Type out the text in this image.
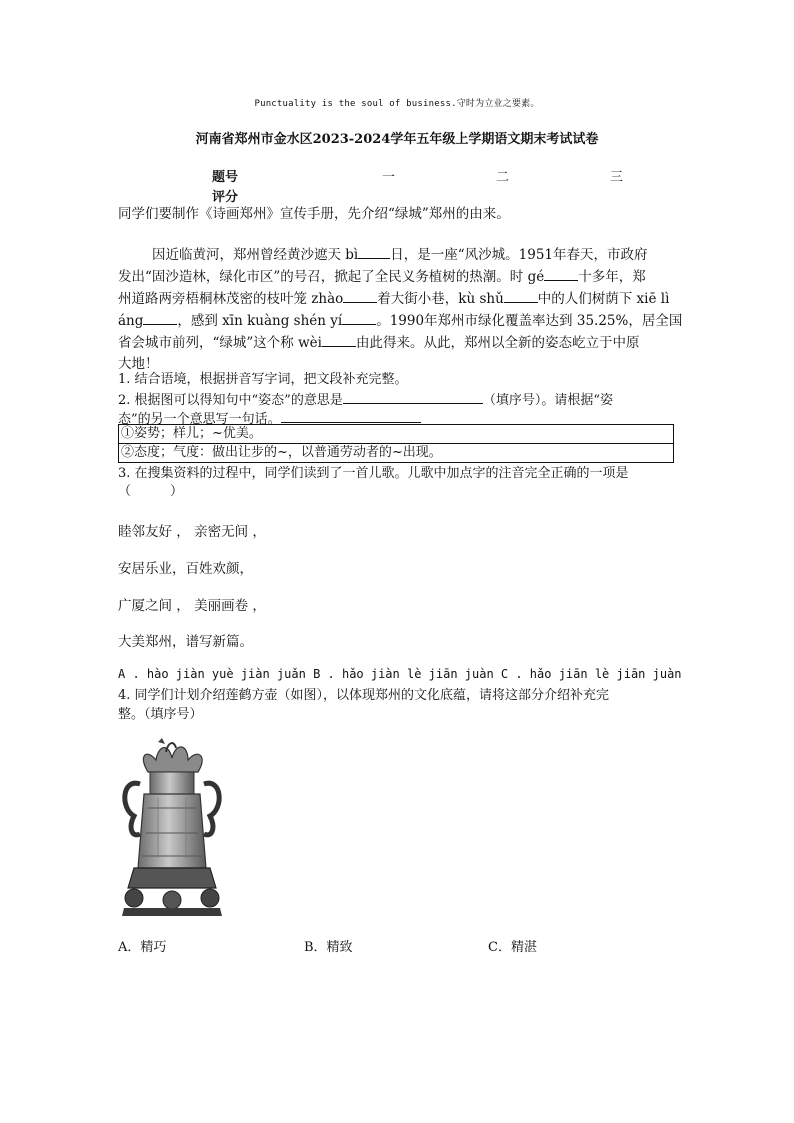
Punctuality is the soul of business.守时为立业之要素。
河南省郑州市金水区2023-2024学年五年级上学期语文期末考试试卷
题号	一	二	三
评分
同学们要制作《诗画郑州》宣传手册，先介绍“绿城”郑州的由来。
因近临黄河，郑州曾经黄沙遮天 bì 日，是一座“风沙城。1951年春天，市政府
发出“固沙造林，绿化市区”的号召，掀起了全民义务植树的热潮。时 gé	十多年，郑
州道路两旁梧桐林茂密的枝叶笼 zhào	着大街小巷，kù shǔ	中的人们树荫下 xiē lì
áng	，感到 xīn kuàng shén yí	。1990年郑州市绿化覆盖率达到 35.25%，居全国
省会城市前列，“绿城”这个称 wèi	由此得来。从此，郑州以全新的姿态屹立于中原
大地！
1. 结合语境，根据拼音写字词，把文段补充完整。
2. 根据图可以得知句中“姿态”的意思是	（填序号）。请根据“姿
态”的另一个意思写一句话。
①姿势；样儿；~优美。
②态度；气度：做出让步的~，以普通劳动者的~出现。
3. 在搜集资料的过程中，同学们读到了一首儿歌。儿歌中加点字的注音完全正确的一项是
（　　　）
睦邻友好 ， 亲密无间 ，
安居乐业，百姓欢颜，
广厦之间 ， 美丽画卷 ，
大美郑州，谱写新篇。
A . hào jiàn yuè jiàn juǎn B . hǎo jiàn lè jiān juàn C . hǎo jiān lè jiān juàn
4. 同学们计划介绍莲鹤方壶（如图），以体现郑州的文化底蕴，请将这部分介绍补充完
整。（填序号）
A．精巧	B．精致	C．精湛
